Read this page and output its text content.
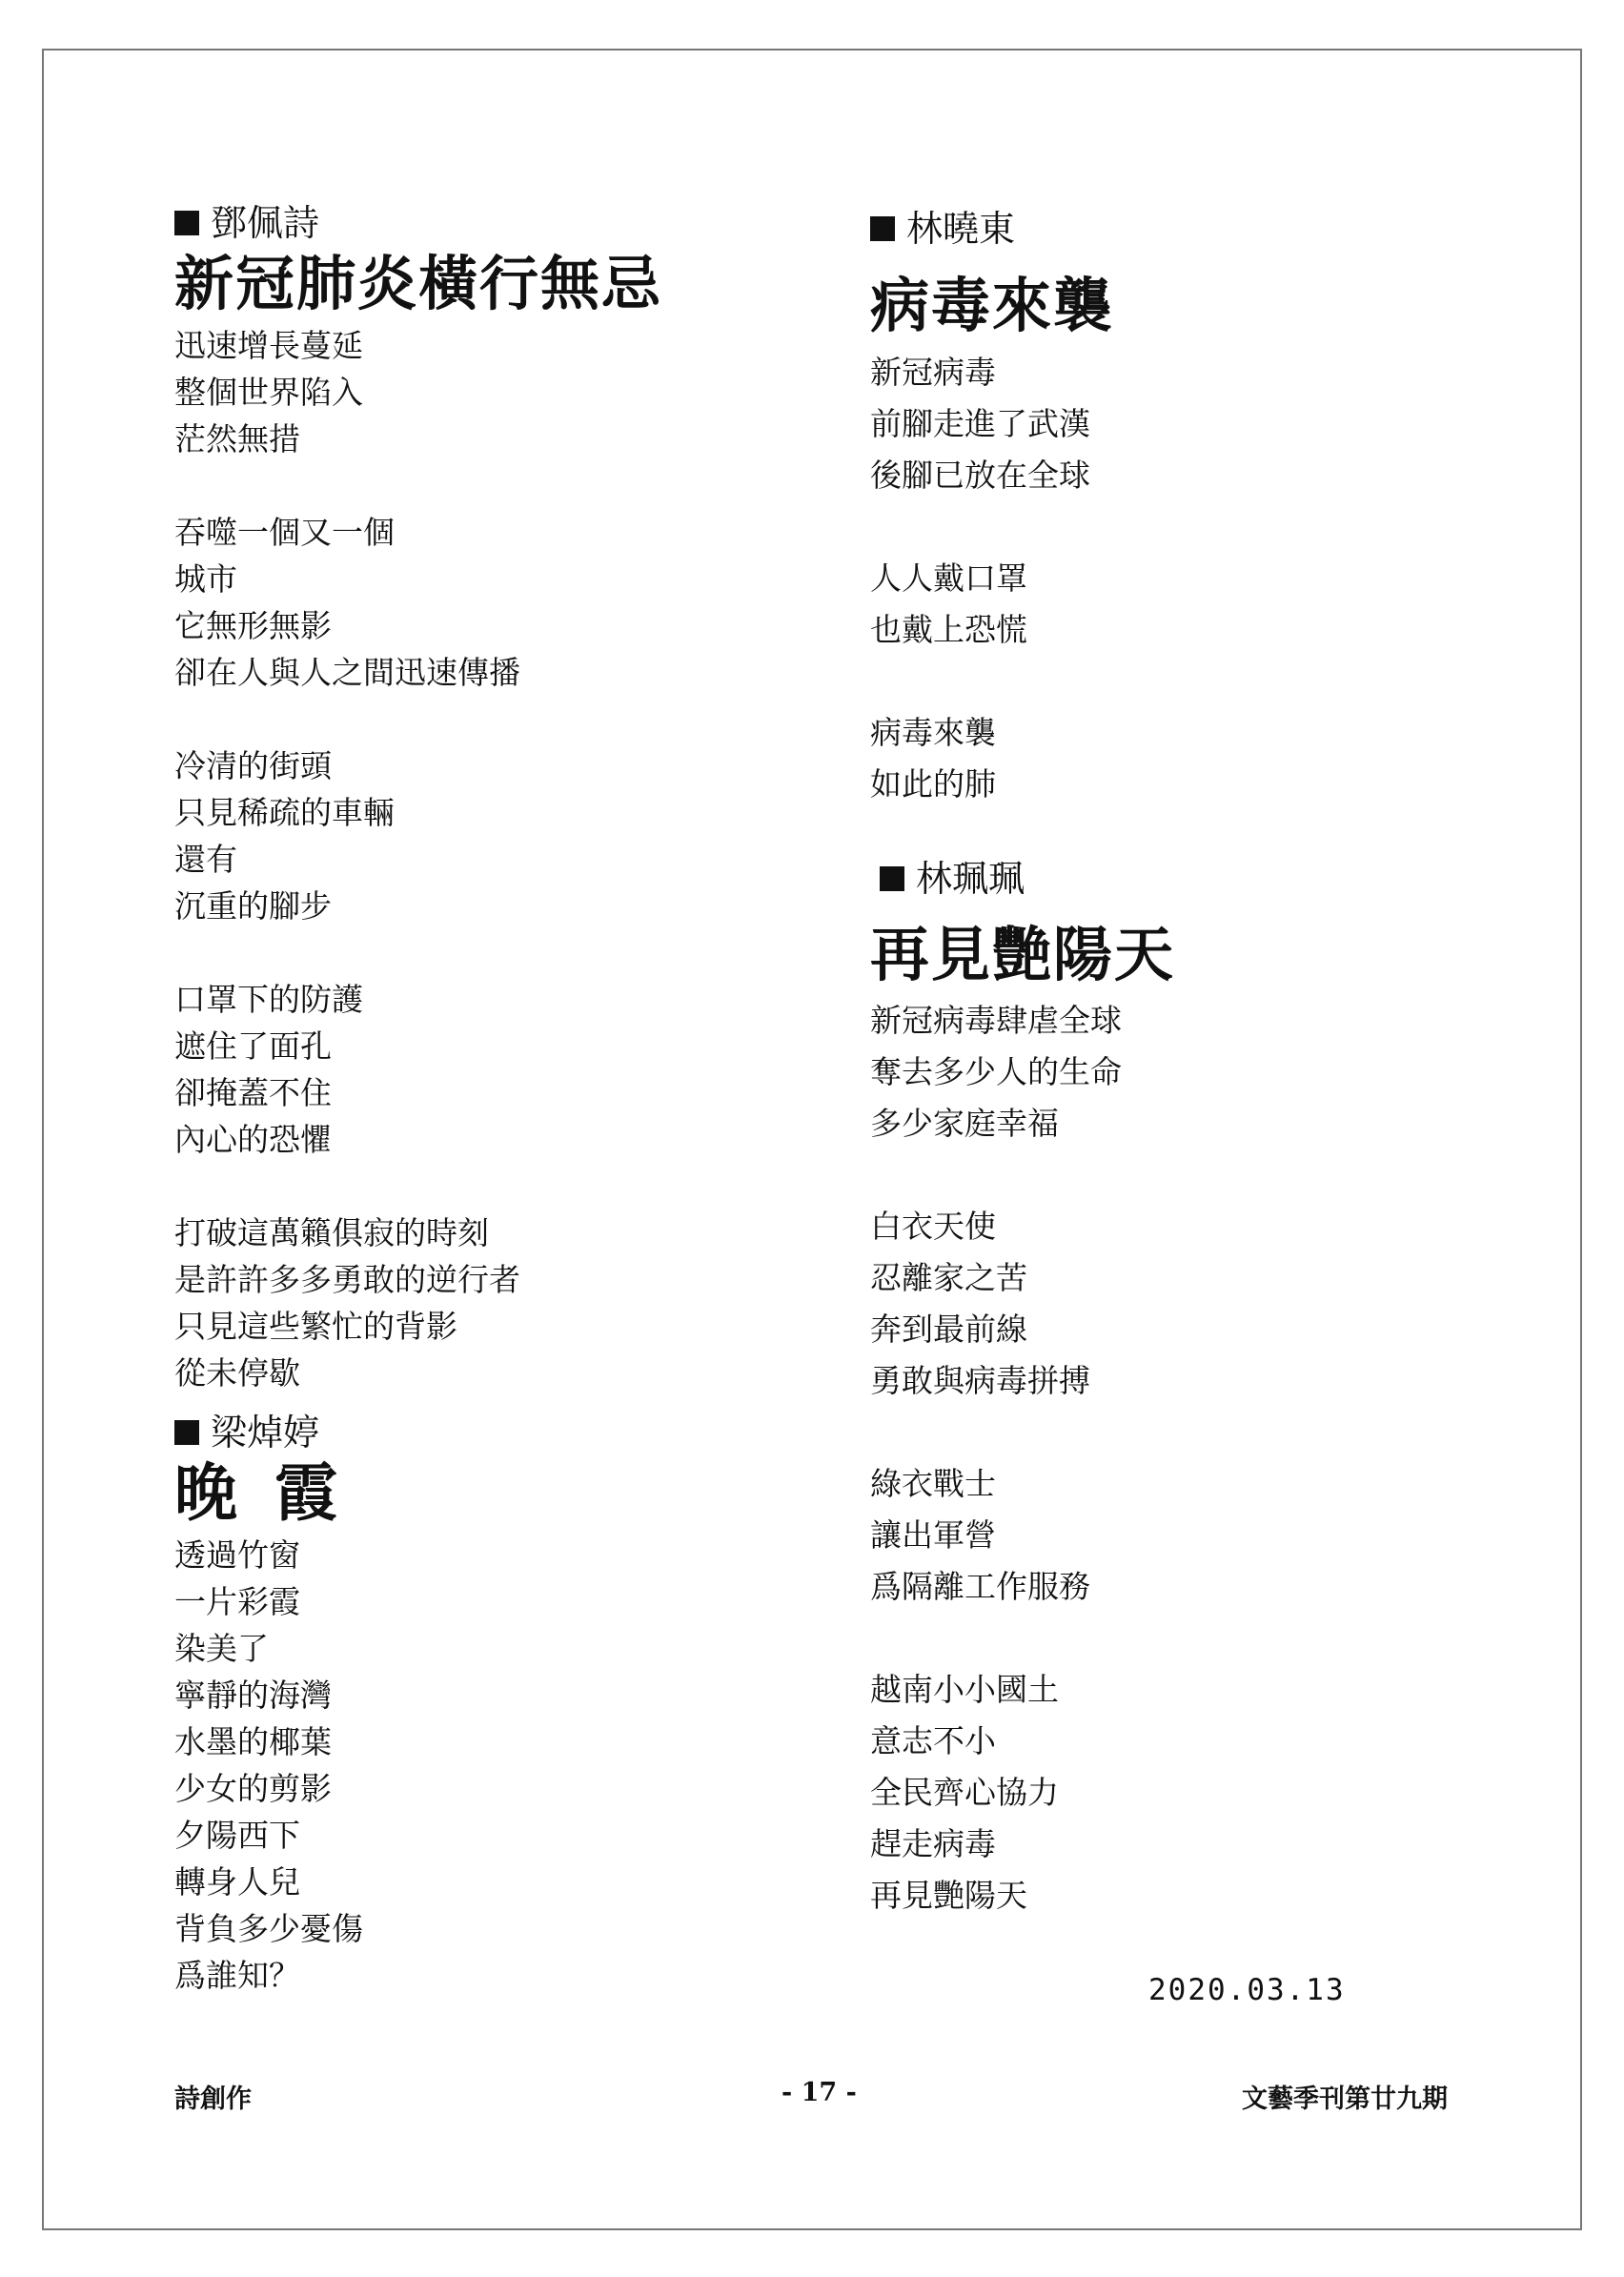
鄧佩詩
新冠肺炎橫行無忌
迅速增長蔓延
整個世界陷入
茫然無措
吞噬一個又一個
城市
它無形無影
卻在人與人之間迅速傳播
冷清的街頭
只見稀疏的車輛
還有
沉重的腳步
口罩下的防護
遮住了面孔
卻掩蓋不住
內心的恐懼
打破這萬籟俱寂的時刻
是許許多多勇敢的逆行者
只見這些繁忙的背影
從未停歇
梁焯婷
晚 霞
透過竹窗
一片彩霞
染美了
寧靜的海灣
水墨的椰葉
少女的剪影
夕陽西下
轉身人兒
背負多少憂傷
爲誰知？
林曉東
病毒來襲
新冠病毒
前腳走進了武漢
後腳已放在全球
人人戴口罩
也戴上恐慌
病毒來襲
如此的肺
林珮珮
再見艷陽天
新冠病毒肆虐全球
奪去多少人的生命
多少家庭幸福
白衣天使
忍離家之苦
奔到最前線
勇敢與病毒拼搏
綠衣戰士
讓出軍營
爲隔離工作服務
越南小小國土
意志不小
全民齊心協力
趕走病毒
再見艷陽天
2020.03.13
詩創作	- 17 -	文藝季刊第廿九期
